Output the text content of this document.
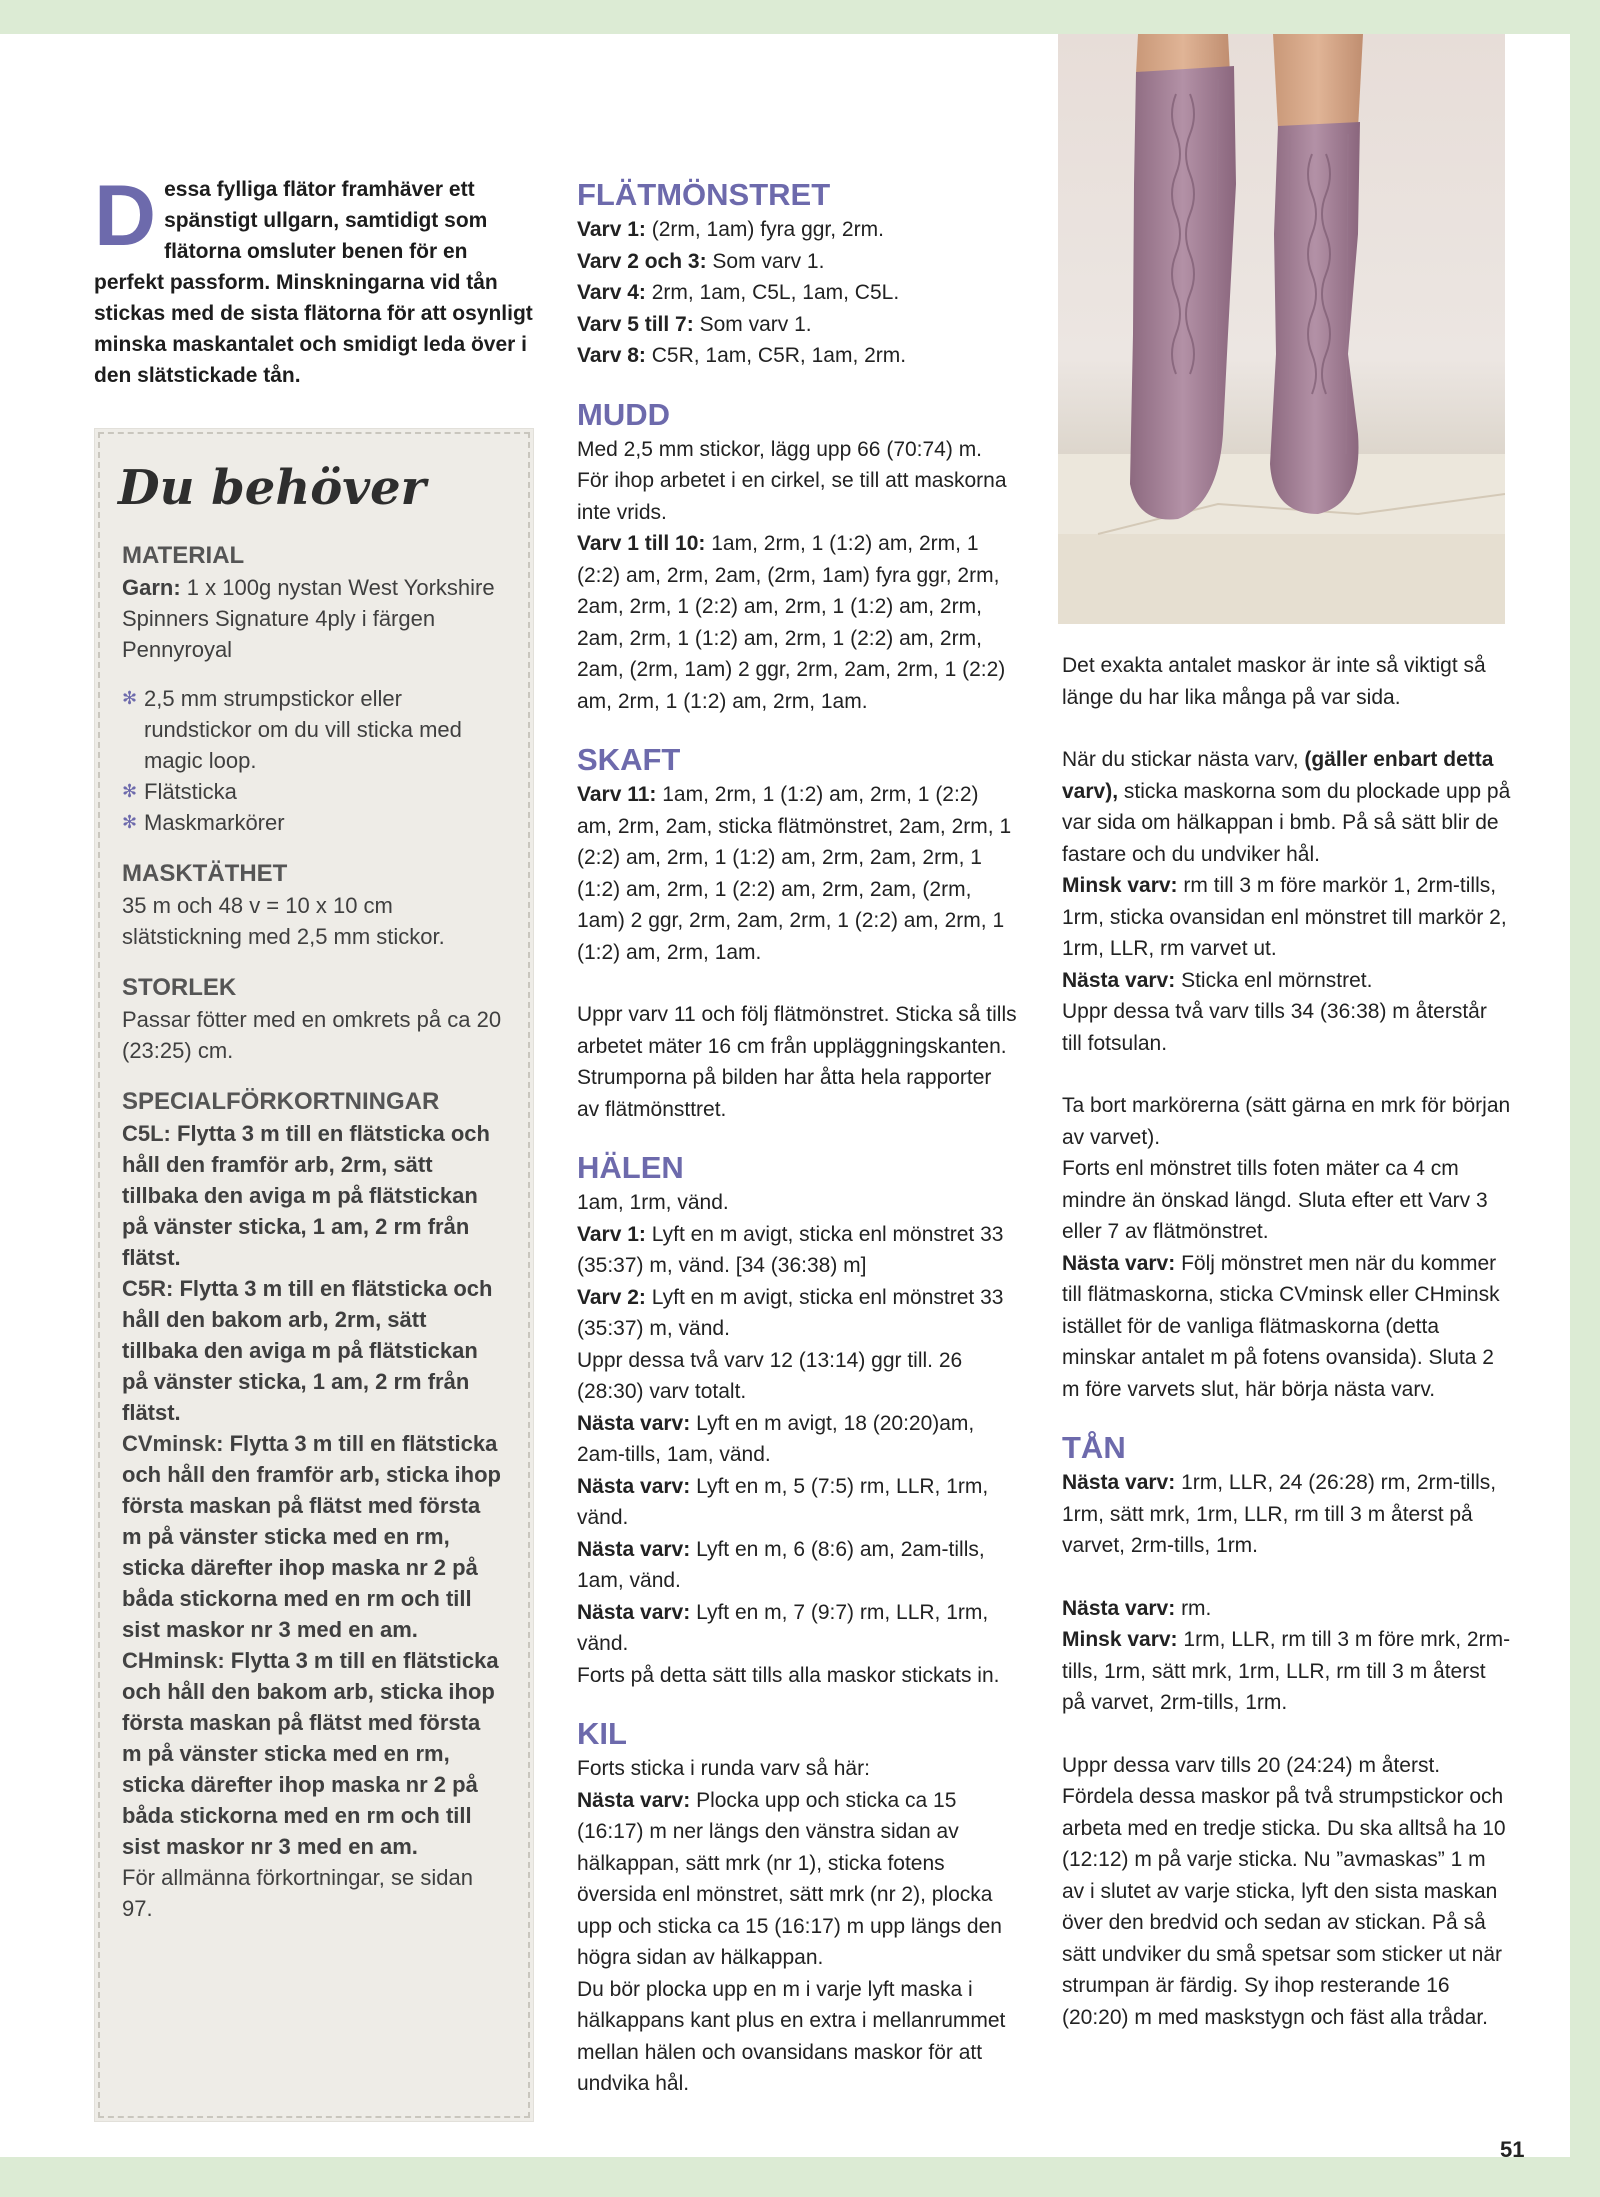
Dessa fylliga flätor framhäver ett spänstigt ullgarn, samtidigt som flätorna omsluter benen för en perfekt passform. Minskningarna vid tån stickas med de sista flätorna för att osynligt minska maskantalet och smidigt leda över i den slätstickade tån.
Du behöver
MATERIAL

Garn: 1 x 100g nystan West Yorkshire Spinners Signature 4ply i färgen Pennyroyal

✻ 2,5 mm strumpstickor eller rundstickor om du vill sticka med magic loop.
✻ Flätsticka
✻ Maskmarkörer
MASKTÄTHET

35 m och 48 v = 10 x 10 cm slätstickning med 2,5 mm stickor.

STORLEK

Passar fötter med en omkrets på ca 20 (23:25) cm.

SPECIALFÖRKORTNINGAR

C5L: Flytta 3 m till en flätsticka och håll den framför arb, 2rm, sätt tillbaka den aviga m på flätstickan på vänster sticka, 1 am, 2 rm från flätst.

C5R: Flytta 3 m till en flätsticka och håll den bakom arb, 2rm, sätt tillbaka den aviga m på flätstickan på vänster sticka, 1 am, 2 rm från flätst.

CVminsk: Flytta 3 m till en flätsticka och håll den framför arb, sticka ihop första maskan på flätst med första m på vänster sticka med en rm, sticka därefter ihop maska nr 2 på båda stickorna med en rm och till sist maskor nr 3 med en am.

CHminsk: Flytta 3 m till en flätsticka och håll den bakom arb, sticka ihop första maskan på flätst med första m på vänster sticka med en rm, sticka därefter ihop maska nr 2 på båda stickorna med en rm och till sist maskor nr 3 med en am.

För allmänna förkortningar, se sidan 97.

FLÄTMÖNSTRET

Varv 1: (2rm, 1am) fyra ggr, 2rm.

Varv 2 och 3: Som varv 1.

Varv 4: 2rm, 1am, C5L, 1am, C5L.

Varv 5 till 7: Som varv 1.

Varv 8: C5R, 1am, C5R, 1am, 2rm.

MUDD

Med 2,5 mm stickor, lägg upp 66 (70:74) m. För ihop arbetet i en cirkel, se till att maskorna inte vrids.

Varv 1 till 10: 1am, 2rm, 1 (1:2) am, 2rm, 1 (2:2) am, 2rm, 2am, (2rm, 1am) fyra ggr, 2rm, 2am, 2rm, 1 (2:2) am, 2rm, 1 (1:2) am, 2rm, 2am, 2rm, 1 (1:2) am, 2rm, 1 (2:2) am, 2rm, 2am, (2rm, 1am) 2 ggr, 2rm, 2am, 2rm, 1 (2:2) am, 2rm, 1 (1:2) am, 2rm, 1am.

SKAFT

Varv 11: 1am, 2rm, 1 (1:2) am, 2rm, 1 (2:2) am, 2rm, 2am, sticka flätmönstret, 2am, 2rm, 1 (2:2) am, 2rm, 1 (1:2) am, 2rm, 2am, 2rm, 1 (1:2) am, 2rm, 1 (2:2) am, 2rm, 2am, (2rm, 1am) 2 ggr, 2rm, 2am, 2rm, 1 (2:2) am, 2rm, 1 (1:2) am, 2rm, 1am.

Uppr varv 11 och följ flätmönstret. Sticka så tills arbetet mäter 16 cm från uppläggningskanten. Strumporna på bilden har åtta hela rapporter av flätmönsttret.

HÄLEN

1am, 1rm, vänd.

Varv 1: Lyft en m avigt, sticka enl mönstret 33 (35:37) m, vänd. [34 (36:38) m]

Varv 2: Lyft en m avigt, sticka enl mönstret 33 (35:37) m, vänd.

Uppr dessa två varv 12 (13:14) ggr till. 26 (28:30) varv totalt.

Nästa varv: Lyft en m avigt, 18 (20:20)am, 2am-tills, 1am, vänd.

Nästa varv: Lyft en m, 5 (7:5) rm, LLR, 1rm, vänd.

Nästa varv: Lyft en m, 6 (8:6) am, 2am-tills, 1am, vänd.

Nästa varv: Lyft en m, 7 (9:7) rm, LLR, 1rm, vänd.

Forts på detta sätt tills alla maskor stickats in.

KIL

Forts sticka i runda varv så här:

Nästa varv: Plocka upp och sticka ca 15 (16:17) m ner längs den vänstra sidan av hälkappan, sätt mrk (nr 1), sticka fotens översida enl mönstret, sätt mrk (nr 2), plocka upp och sticka ca 15 (16:17) m upp längs den högra sidan av hälkappan.

Du bör plocka upp en m i varje lyft maska i hälkappans kant plus en extra i mellanrummet mellan hälen och ovansidans maskor för att undvika hål.

Det exakta antalet maskor är inte så viktigt så länge du har lika många på var sida.

När du stickar nästa varv, (gäller enbart detta varv), sticka maskorna som du plockade upp på var sida om hälkappan i bmb. På så sätt blir de fastare och du undviker hål.

Minsk varv: rm till 3 m före markör 1, 2rm-tills, 1rm, sticka ovansidan enl mönstret till markör 2, 1rm, LLR, rm varvet ut.

Nästa varv: Sticka enl mörnstret.

Uppr dessa två varv tills 34 (36:38) m återstår till fotsulan.

Ta bort markörerna (sätt gärna en mrk för början av varvet).

Forts enl mönstret tills foten mäter ca 4 cm mindre än önskad längd. Sluta efter ett Varv 3 eller 7 av flätmönstret.

Nästa varv: Följ mönstret men när du kommer till flätmaskorna, sticka CVminsk eller CHminsk istället för de vanliga flätmaskorna (detta minskar antalet m på fotens ovansida). Sluta 2 m före varvets slut, här börja nästa varv.

TÅN

Nästa varv: 1rm, LLR, 24 (26:28) rm, 2rm-tills, 1rm, sätt mrk, 1rm, LLR, rm till 3 m återst på varvet, 2rm-tills, 1rm.

Nästa varv: rm.

Minsk varv: 1rm, LLR, rm till 3 m före mrk, 2rm-tills, 1rm, sätt mrk, 1rm, LLR, rm till 3 m återst på varvet, 2rm-tills, 1rm.

Uppr dessa varv tills 20 (24:24) m återst. Fördela dessa maskor på två strumpstickor och arbeta med en tredje sticka. Du ska alltså ha 10 (12:12) m på varje sticka. Nu ”avmaskas” 1 m av i slutet av varje sticka, lyft den sista maskan över den bredvid och sedan av stickan. På så sätt undviker du små spetsar som sticker ut när strumpan är färdig. Sy ihop resterande 16 (20:20) m med maskstygn och fäst alla trådar.

51
